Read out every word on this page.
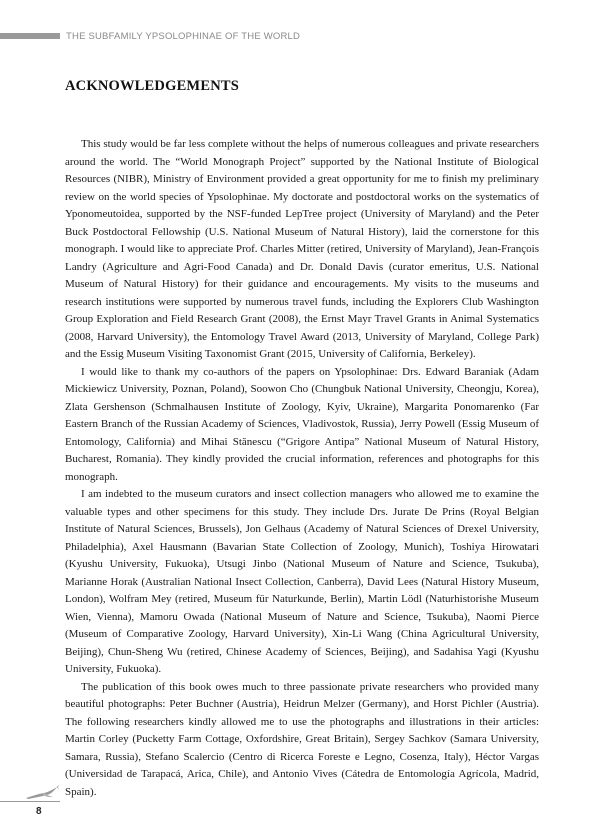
THE SUBFAMILY YPSOLOPHINAE OF THE WORLD
ACKNOWLEDGEMENTS

This study would be far less complete without the helps of numerous colleagues and private researchers around the world. The “World Monograph Project” supported by the National Institute of Biological Resources (NIBR), Ministry of Environment provided a great opportunity for me to finish my preliminary review on the world species of Ypsolophinae. My doctorate and postdoctoral works on the systematics of Yponomeutoidea, supported by the NSF-funded LepTree project (University of Maryland) and the Peter Buck Postdoctoral Fellowship (U.S. National Museum of Natural History), laid the cornerstone for this monograph. I would like to appreciate Prof. Charles Mitter (retired, University of Maryland), Jean-François Landry (Agriculture and Agri-Food Canada) and Dr. Donald Davis (curator emeritus, U.S. National Museum of Natural History) for their guidance and encouragements. My visits to the museums and research institutions were supported by numerous travel funds, including the Explorers Club Washington Group Exploration and Field Research Grant (2008), the Ernst Mayr Travel Grants in Animal Systematics (2008, Harvard University), the Entomology Travel Award (2013, University of Maryland, College Park) and the Essig Museum Visiting Taxonomist Grant (2015, University of California, Berkeley).

I would like to thank my co-authors of the papers on Ypsolophinae: Drs. Edward Baraniak (Adam Mickiewicz University, Poznan, Poland), Soowon Cho (Chungbuk National University, Cheongju, Korea), Zlata Gershenson (Schmalhausen Institute of Zoology, Kyiv, Ukraine), Margarita Ponomarenko (Far Eastern Branch of the Russian Academy of Sciences, Vladivostok, Russia), Jerry Powell (Essig Museum of Entomology, California) and Mihai Stănescu (“Grigore Antipa” National Museum of Natural History, Bucharest, Romania). They kindly provided the crucial information, references and photographs for this monograph.

I am indebted to the museum curators and insect collection managers who allowed me to examine the valuable types and other specimens for this study. They include Drs. Jurate De Prins (Royal Belgian Institute of Natural Sciences, Brussels), Jon Gelhaus (Academy of Natural Sciences of Drexel University, Philadelphia), Axel Hausmann (Bavarian State Collection of Zoology, Munich), Toshiya Hirowatari (Kyushu University, Fukuoka), Utsugi Jinbo (National Museum of Nature and Science, Tsukuba), Marianne Horak (Australian National Insect Collection, Canberra), David Lees (Natural History Museum, London), Wolfram Mey (retired, Museum für Naturkunde, Berlin), Martin Lödl (Naturhistorishe Museum Wien, Vienna), Mamoru Owada (National Museum of Nature and Science, Tsukuba), Naomi Pierce (Museum of Comparative Zoology, Harvard University), Xin-Li Wang (China Agricultural University, Beijing), Chun-Sheng Wu (retired, Chinese Academy of Sciences, Beijing), and Sadahisa Yagi (Kyushu University, Fukuoka).

The publication of this book owes much to three passionate private researchers who provided many beautiful photographs: Peter Buchner (Austria), Heidrun Melzer (Germany), and Horst Pichler (Austria). The following researchers kindly allowed me to use the photographs and illustrations in their articles: Martin Corley (Pucketty Farm Cottage, Oxfordshire, Great Britain), Sergey Sachkov (Samara University, Samara, Russia), Stefano Scalercio (Centro di Ricerca Foreste e Legno, Cosenza, Italy), Héctor Vargas (Universidad de Tarapacá, Arica, Chile), and Antonio Vives (Cátedra de Entomología Agrícola, Madrid, Spain).

8
